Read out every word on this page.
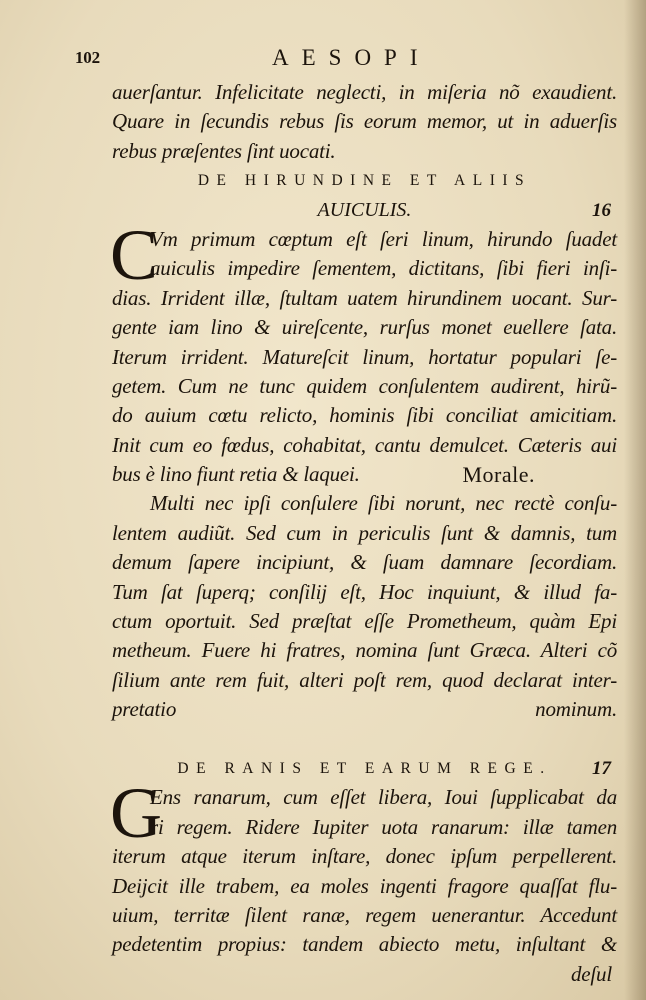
102	AESOPI
auerſantur. Infelicitate neglecti, in miſeria nõ exaudient.
Quare in ſecundis rebus ſis eorum memor, ut in aduerſis
rebus præſentes ſint uocati.
DE HIRUNDINE ET ALIIS
AUICULIS.	16
C
Vm primum cœptum eſt ſeri linum, hirundo ſuadet
auiculis impedire ſementem, dictitans, ſibi fieri inſi-
dias. Irrident illæ, ſtultam uatem hirundinem uocant. Sur-
gente iam lino & uireſcente, rurſus monet euellere ſata.
Iterum irrident. Matureſcit linum, hortatur populari ſe-
getem. Cum ne tunc quidem conſulentem audirent, hirũ-
do auium cœtu relicto, hominis ſibi conciliat amicitiam.
Init cum eo fœdus, cohabitat, cantu demulcet. Cæteris aui
bus è lino fiunt retia & laquei.	Morale.
Multi nec ipſi conſulere ſibi norunt, nec rectè conſu-
lentem audiũt. Sed cum in periculis ſunt & damnis, tum
demum ſapere incipiunt, & ſuam damnare ſecordiam.
Tum ſat ſuperq; conſilij eſt, Hoc inquiunt, & illud fa-
ctum oportuit. Sed præſtat eſſe Prometheum, quàm Epi
metheum. Fuere hi fratres, nomina ſunt Græca. Alteri cõ
ſilium ante rem fuit, alteri poſt rem, quod declarat inter-
pretatio nominum.
DE RANIS ET EARUM REGE. 17
G
Ens ranarum, cum eſſet libera, Ioui ſupplicabat da
ri regem. Ridere Iupiter uota ranarum: illæ tamen
iterum atque iterum inſtare, donec ipſum perpellerent.
Deijcit ille trabem, ea moles ingenti fragore quaſſat flu-
uium, territæ ſilent ranæ, regem uenerantur. Accedunt
pedetentim propius: tandem abiecto metu, inſultant &
deſul
